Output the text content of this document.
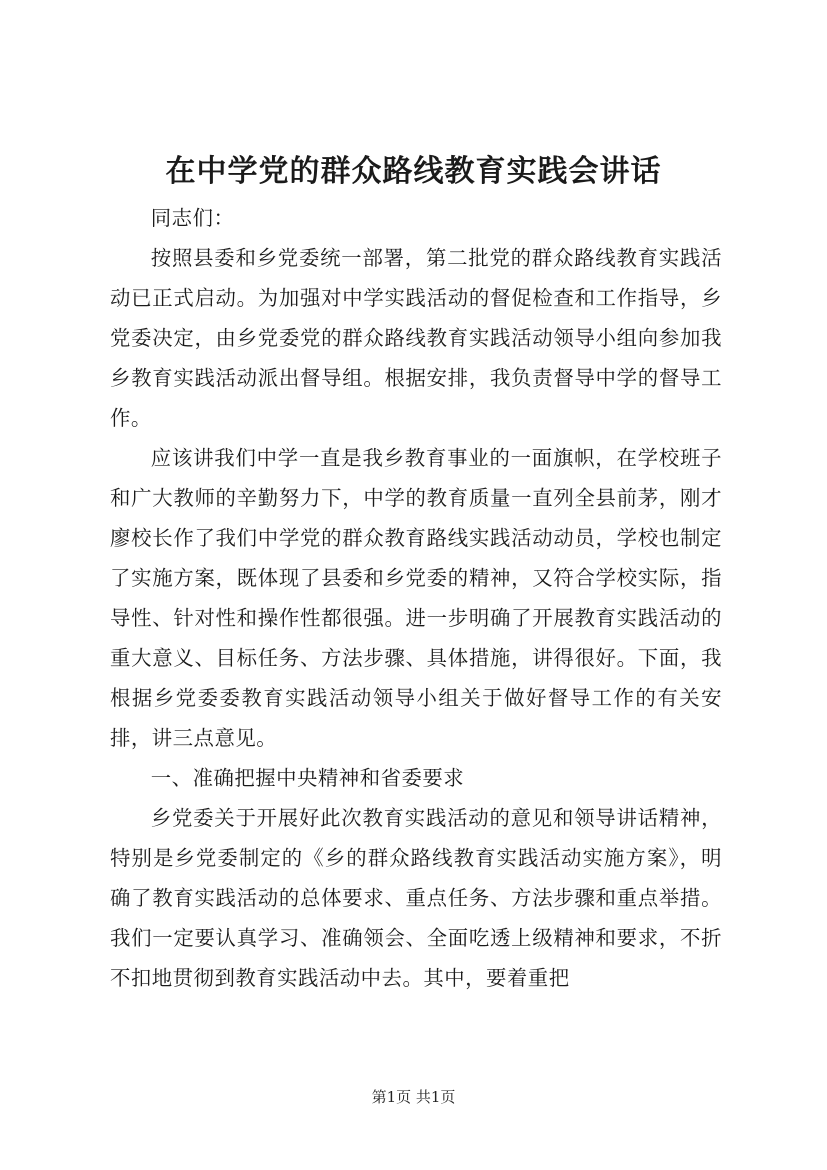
在中学党的群众路线教育实践会讲话

同志们：

按照县委和乡党委统一部署，第二批党的群众路线教育实践活动已正式启动。为加强对中学实践活动的督促检查和工作指导，乡党委决定，由乡党委党的群众路线教育实践活动领导小组向参加我乡教育实践活动派出督导组。根据安排，我负责督导中学的督导工作。

应该讲我们中学一直是我乡教育事业的一面旗帜，在学校班子和广大教师的辛勤努力下，中学的教育质量一直列全县前茅，刚才廖校长作了我们中学党的群众教育路线实践活动动员，学校也制定了实施方案，既体现了县委和乡党委的精神，又符合学校实际，指导性、针对性和操作性都很强。进一步明确了开展教育实践活动的重大意义、目标任务、方法步骤、具体措施，讲得很好。下面，我根据乡党委委教育实践活动领导小组关于做好督导工作的有关安排，讲三点意见。

一、准确把握中央精神和省委要求

乡党委关于开展好此次教育实践活动的意见和领导讲话精神，特别是乡党委制定的《乡的群众路线教育实践活动实施方案》，明确了教育实践活动的总体要求、重点任务、方法步骤和重点举措。我们一定要认真学习、准确领会、全面吃透上级精神和要求，不折不扣地贯彻到教育实践活动中去。其中，要着重把

第1页 共1页
